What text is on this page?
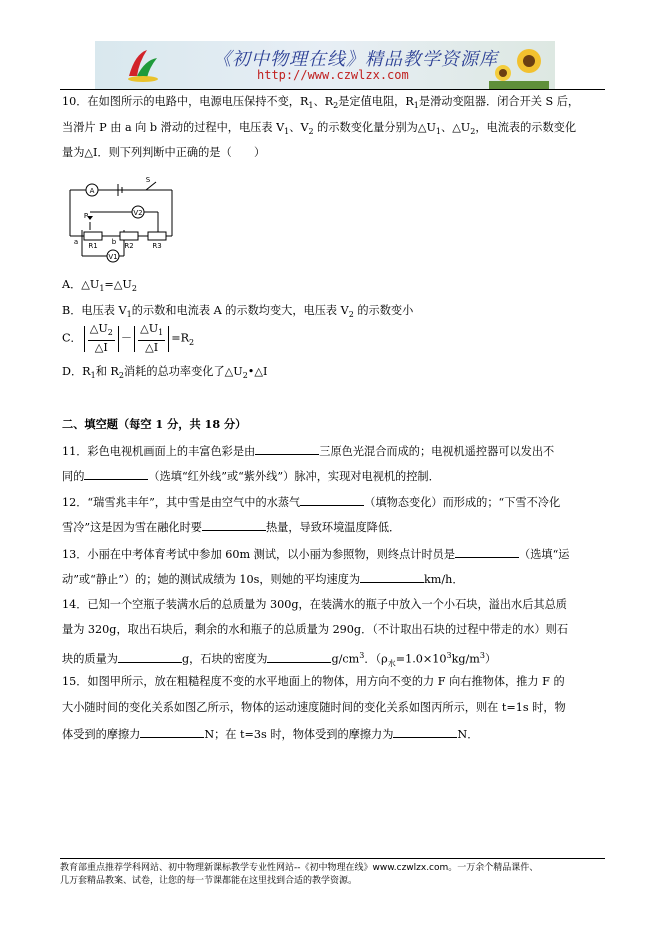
《初中物理在线》精品教学资源库
http://www.czwlzx.com
10．在如图所示的电路中，电源电压保持不变，$R_1$、$R_2$是定值电阻，$R_1$是滑动变阻器．闭合开关 S 后，
当滑片 P 由 a 向 b 滑动的过程中，电压表 $V_1$、$V_2$ 的示数变化量分别为$\triangle U_1$、$\triangle U_2$，电流表的示数变化
量为△I．则下列判断中正确的是（　　）
A
S
P	V2
a	b
R1	R2	R3
V1
A．$\triangle U_1=\triangle U_2$
B．电压表 $V_1$的示数和电流表 A 的示数均变大，电压表 $V_2$ 的示数变小
C． $\frac{\triangle U_2}{\triangle I} - \frac{\triangle U_1}{\triangle I} =R_2$
D．$R_1$和 $R_2$消耗的总功率变化了$\triangle U_2•\triangle I$
二、填空题（每空 1 分，共 18 分）
11．彩色电视机画面上的丰富色彩是由	三原色光混合而成的；电视机遥控器可以发出不
同的	（选填“红外线”或“紫外线”）脉冲，实现对电视机的控制．
12．“瑞雪兆丰年”，其中雪是由空气中的水蒸气	（填物态变化）而形成的；“下雪不冷化
雪冷”这是因为雪在融化时要	热量，导致环境温度降低．
13．小丽在中考体育考试中参加 60m 测试，以小丽为参照物，则终点计时员是	（选填“运
动”或“静止”）的；她的测试成绩为 10s，则她的平均速度为	km/h．
14．已知一个空瓶子装满水后的总质量为 300g，在装满水的瓶子中放入一个小石块，溢出水后其总质
量为 320g，取出石块后，剩余的水和瓶子的总质量为 290g．（不计取出石块的过程中带走的水）则石
块的质量为	g，石块的密度为	$g/cm^3$．$(\rho_水=1.0\times 10^3kg/m^3)$
15．如图甲所示，放在粗糙程度不变的水平地面上的物体，用方向不变的力 F 向右推物体，推力 F 的
大小随时间的变化关系如图乙所示，物体的运动速度随时间的变化关系如图丙所示，则在 t=1s 时，物
体受到的摩擦力	N；在 t=3s 时，物体受到的摩擦力为	N．
教育部重点推荐学科网站、初中物理新课标教学专业性网站--《初中物理在线》www.czwlzx.com。一万余个精品课件、
几万套精品教案、试卷，让您的每一节课都能在这里找到合适的教学资源。
